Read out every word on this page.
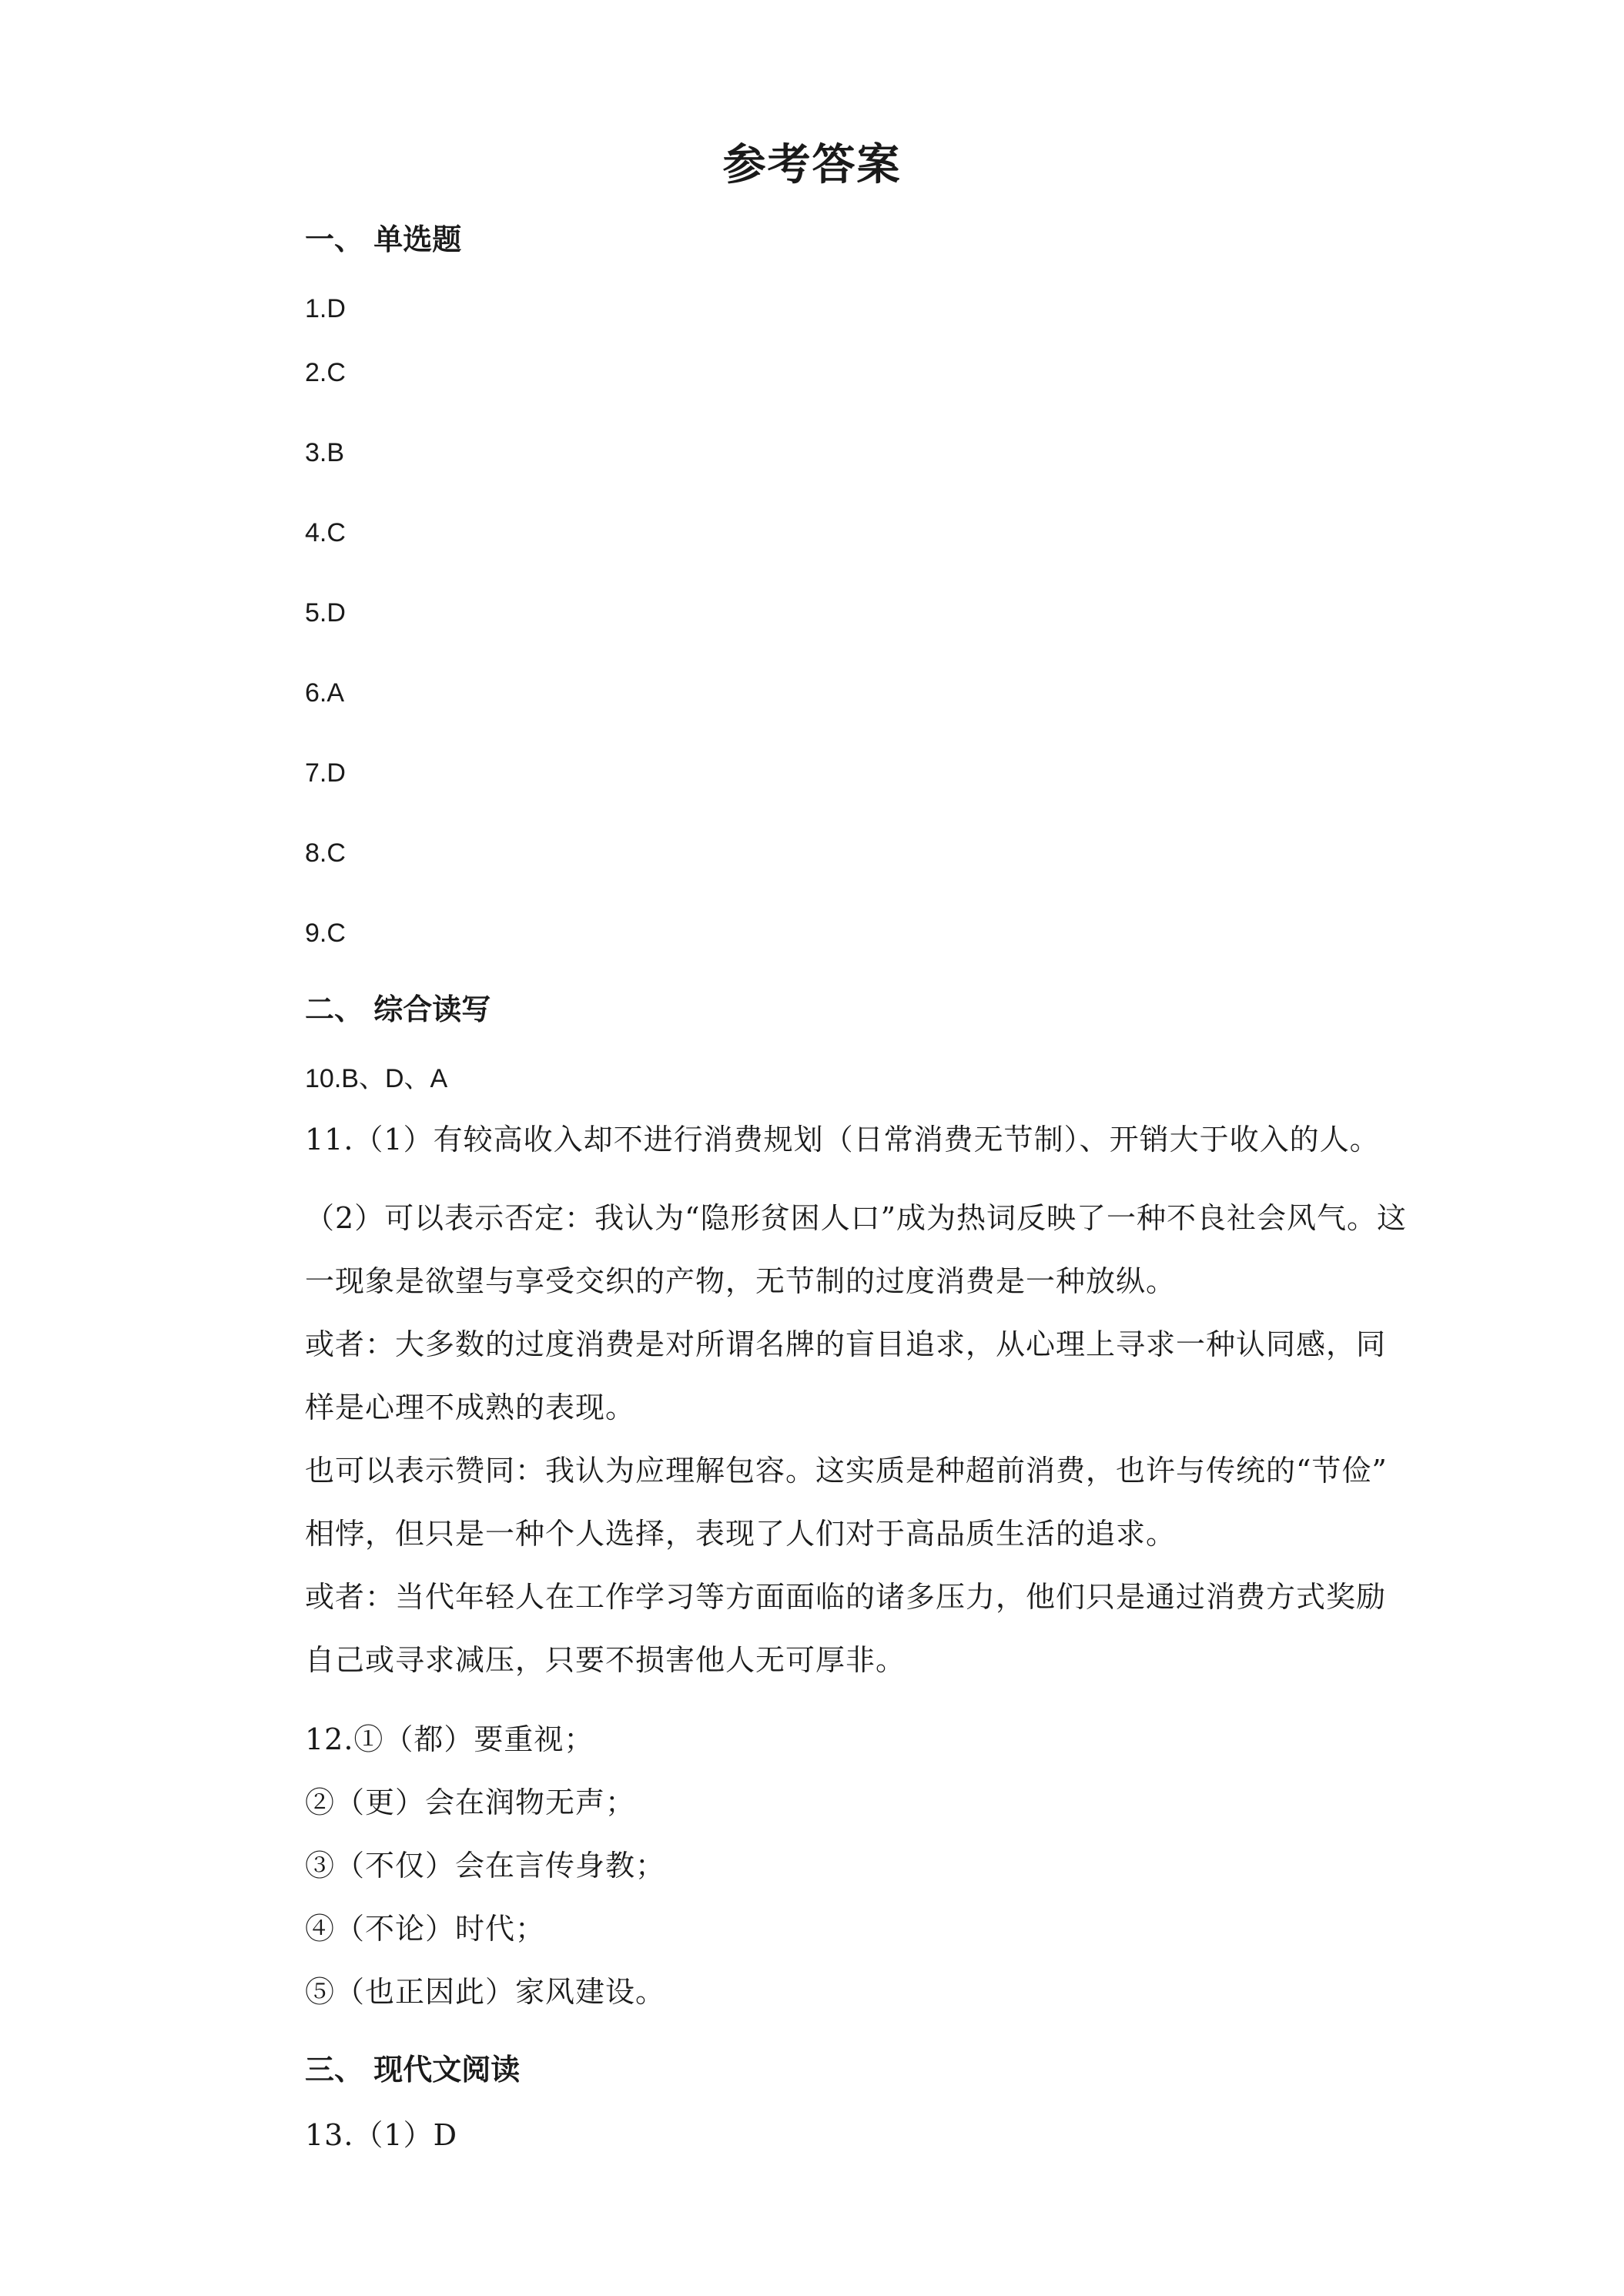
参考答案
一、 单选题
1.D
2.C
3.B
4.C
5.D
6.A
7.D
8.C
9.C
二、 综合读写
10.B、D、A
11.（1）有较高收入却不进行消费规划（日常消费无节制）、开销大于收入的人。
（2）可以表示否定：我认为“隐形贫困人口”成为热词反映了一种不良社会风气。这
一现象是欲望与享受交织的产物，无节制的过度消费是一种放纵。
或者：大多数的过度消费是对所谓名牌的盲目追求，从心理上寻求一种认同感，同
样是心理不成熟的表现。
也可以表示赞同：我认为应理解包容。这实质是种超前消费，也许与传统的“节俭”
相悖，但只是一种个人选择，表现了人们对于高品质生活的追求。
或者：当代年轻人在工作学习等方面面临的诸多压力，他们只是通过消费方式奖励
自己或寻求减压，只要不损害他人无可厚非。
12.①（都）要重视；
②（更）会在润物无声；
③（不仅）会在言传身教；
④（不论）时代；
⑤（也正因此）家风建设。
三、 现代文阅读
13.（1）D
